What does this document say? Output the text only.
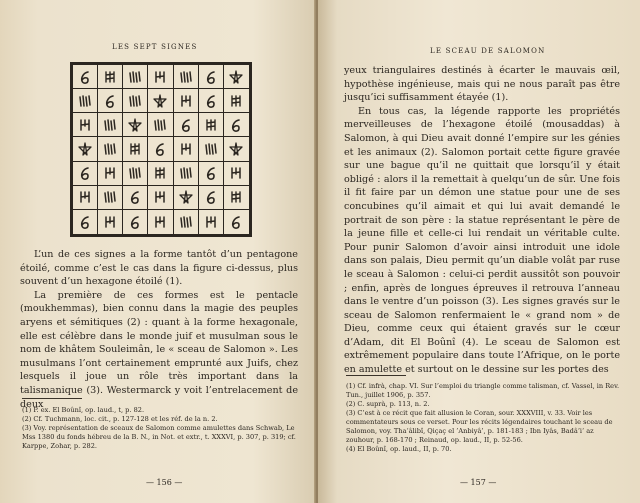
LES SEPT SIGNES

L’un de ces signes a la forme tantôt d’un pentagone étoilé, comme c’est le cas dans la figure ci-dessus, plus souvent d’un hexagone étoilé (1).

La première de ces formes est le pentacle (moukhemmas), bien connu dans la magie des peuples aryens et sémitiques (2) : quant à la forme hexagonale, elle est célèbre dans le monde juif et musulman sous le nom de khâtem Souleimân, le « sceau de Salomon ». Les musulmans l’ont certainement emprunté aux Juifs, chez lesquels il joue un rôle très important dans la talismanique (3). Westermarck y voit l’entrelacement de deux

(1) P. ex. El Boûnî, op. laud., t, p. 82.

(2) Cf. Tuchmann, loc. cit., p. 127-128 et les réf. de la n. 2.

(3) Voy. représentation de sceaux de Salomon comme amulettes dans Schwab, Le Mss 1380 du fonds hébreu de la B. N., in Not. et extr., t. XXXVI, p. 307, p. 319; cf. Karppe, Zohar, p. 282.

— 156 —
LE SCEAU DE SALOMON

yeux triangulaires destinés à écarter le mauvais œil, hypothèse ingénieuse, mais qui ne nous paraît pas être jusqu’ici suffisamment étayée (1).

En tous cas, la légende rapporte les propriétés merveilleuses de l’hexagone étoilé (mousaddas) à Salomon, à qui Dieu avait donné l’empire sur les génies et les animaux (2). Salomon portait cette figure gravée sur une bague qu’il ne quittait que lorsqu’il y était obligé : alors il la remettait à quelqu’un de sûr. Une fois il fit faire par un démon une statue pour une de ses concubines qu’il aimait et qui lui avait demandé le portrait de son père : la statue représentant le père de la jeune fille et celle-ci lui rendait un véritable culte. Pour punir Salomon d’avoir ainsi introduit une idole dans son palais, Dieu permit qu’un diable volât par ruse le sceau à Salomon : celui-ci perdit aussitôt son pouvoir ; enfin, après de longues épreuves il retrouva l’anneau dans le ventre d’un poisson (3). Les signes gravés sur le sceau de Salomon renfermaient le « grand nom » de Dieu, comme ceux qui étaient gravés sur le cœur d’Adam, dit El Boûnî (4). Le sceau de Salomon est extrêmement populaire dans toute l’Afrique, on le porte en amulette et surtout on le dessine sur les portes des

(1) Cf. infrà, chap. VI. Sur l’emploi du triangle comme talisman, cf. Vassel, in Rev. Tun., juillet 1906, p. 357.

(2) C. suprà, p. 113, n. 2.

(3) C’est à ce récit que fait allusion le Coran, sour. XXXVIII, v. 33. Voir les commentateurs sous ce verset. Pour les récits légendaires touchant le sceau de Salomon, voy. Tha‘âlibî, Qiçaç el ’Anbiyâ’, p. 181-183 ; Ibn Iyâs, Badâ’i‘ az zouhour, p. 168-170 ; Reinaud, op. laud., II, p. 52-56.

(4) El Boûnî, op. laud., II, p. 70.

— 157 —
